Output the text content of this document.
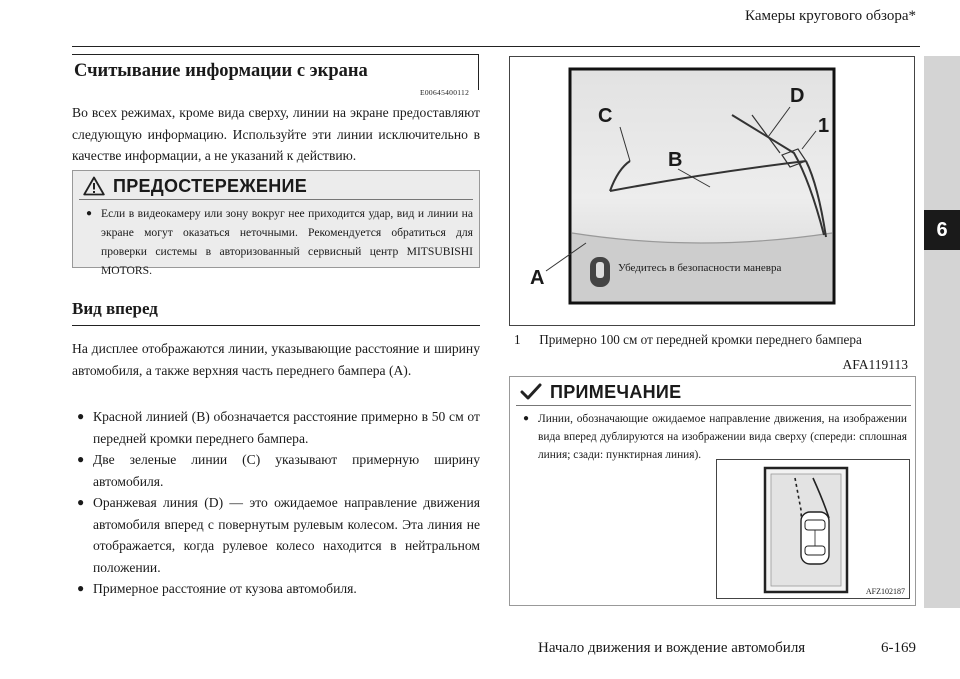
Камеры кругового обзора*
6
Считывание информации с экрана
E00645400112
Во всех режимах, кроме вида сверху, линии на экране предоставляют следующую информацию. Используйте эти линии исключительно в качестве информации, а не указаний к действию.
ПРЕДОСТЕРЕЖЕНИЕ
● Если в видеокамеру или зону вокруг нее приходится удар, вид и линии на экране могут оказаться неточными. Рекомендуется обратиться для проверки системы в авторизованный сервисный центр MITSUBISHI MOTORS.
Вид вперед
На дисплее отображаются линии, указывающие расстояние и ширину автомобиля, а также верхняя часть переднего бампера (A).
● Красной линией (B) обозначается расстояние примерно в 50 см от передней кромки переднего бампера.
● Две зеленые линии (C) указывают примерную ширину автомобиля.
● Оранжевая линия (D) — это ожидаемое направление движения автомобиля вперед с повернутым рулевым колесом. Эта линия не отображается, когда рулевое колесо находится в нейтральном положении.
● Примерное расстояние от кузова автомобиля.
C
B
D
1
A	Убедитесь в безопасности маневра
AFA119113
1 Примерно 100 см от передней кромки переднего бампера
ПРИМЕЧАНИЕ
● Линии, обозначающие ожидаемое направление движения, на изображении вида вперед дублируются на изображении вида сверху (спереди: сплошная линия; сзади: пунктирная линия).
AFZ102187
Начало движения и вождение автомобиля	6-169
